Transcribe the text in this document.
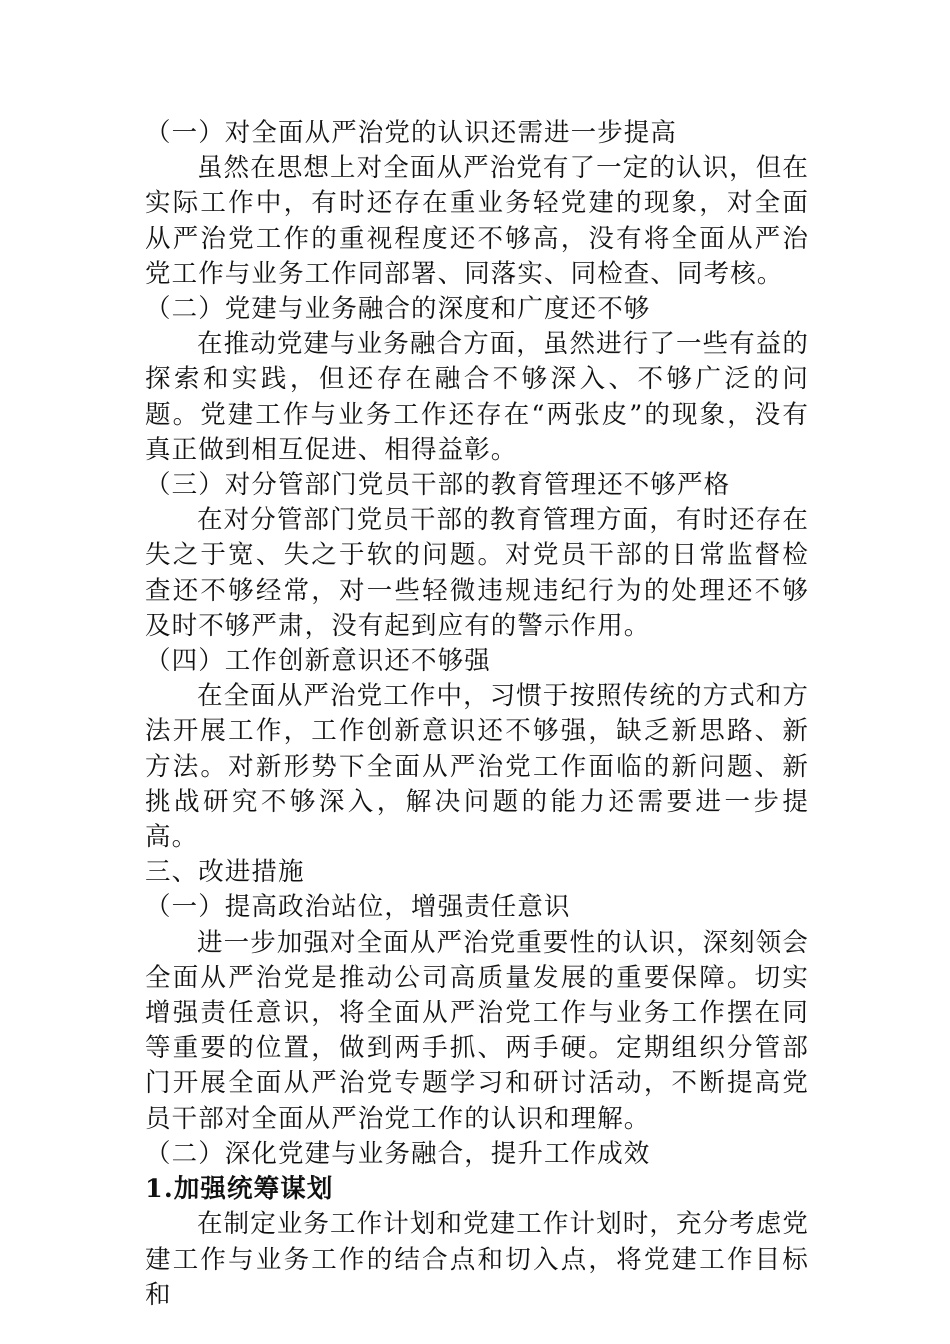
（一）对全面从严治党的认识还需进一步提高

虽然在思想上对全面从严治党有了一定的认识，但在实际工作中，有时还存在重业务轻党建的现象，对全面从严治党工作的重视程度还不够高，没有将全面从严治党工作与业务工作同部署、同落实、同检查、同考核。

（二）党建与业务融合的深度和广度还不够

在推动党建与业务融合方面，虽然进行了一些有益的探索和实践，但还存在融合不够深入、不够广泛的问题。党建工作与业务工作还存在“两张皮”的现象，没有真正做到相互促进、相得益彰。

（三）对分管部门党员干部的教育管理还不够严格

在对分管部门党员干部的教育管理方面，有时还存在失之于宽、失之于软的问题。对党员干部的日常监督检查还不够经常，对一些轻微违规违纪行为的处理还不够及时不够严肃，没有起到应有的警示作用。

（四）工作创新意识还不够强

在全面从严治党工作中，习惯于按照传统的方式和方法开展工作，工作创新意识还不够强，缺乏新思路、新方法。对新形势下全面从严治党工作面临的新问题、新挑战研究不够深入，解决问题的能力还需要进一步提高。

三、改进措施

（一）提高政治站位，增强责任意识

进一步加强对全面从严治党重要性的认识，深刻领会全面从严治党是推动公司高质量发展的重要保障。切实增强责任意识，将全面从严治党工作与业务工作摆在同等重要的位置，做到两手抓、两手硬。定期组织分管部门开展全面从严治党专题学习和研讨活动，不断提高党员干部对全面从严治党工作的认识和理解。

（二）深化党建与业务融合，提升工作成效

1.加强统筹谋划

在制定业务工作计划和党建工作计划时，充分考虑党建工作与业务工作的结合点和切入点，将党建工作目标和
